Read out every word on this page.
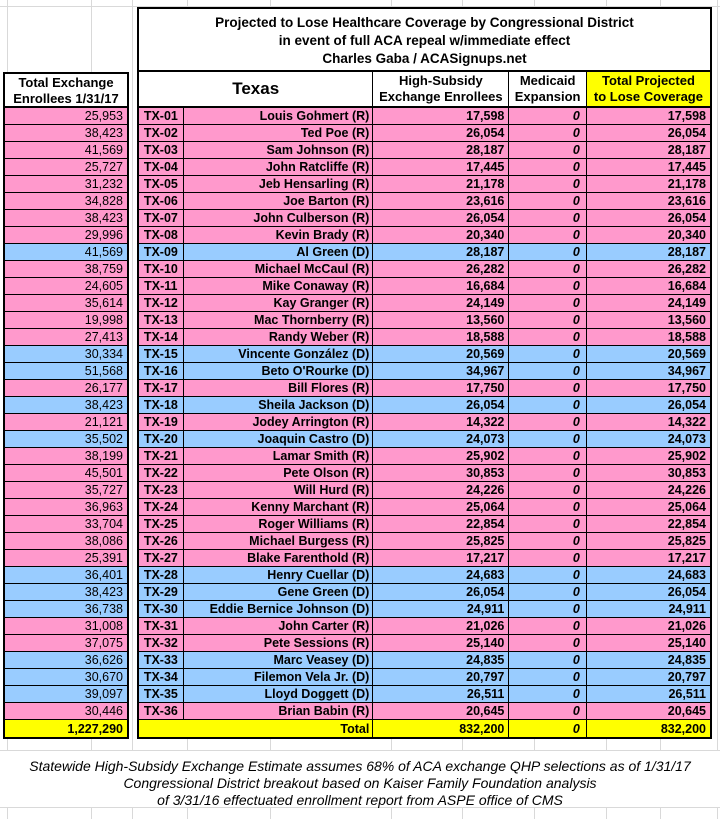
Total Exchange
Enrollees 1/31/17
25,953
38,423
41,569
25,727
31,232
34,828
38,423
29,996
41,569
38,759
24,605
35,614
19,998
27,413
30,334
51,568
26,177
38,423
21,121
35,502
38,199
45,501
35,727
36,963
33,704
38,086
25,391
36,401
38,423
36,738
31,008
37,075
36,626
30,670
39,097
30,446
1,227,290
Projected to Lose Healthcare Coverage by Congressional District
in event of full ACA repeal w/immediate effect
Charles Gaba / ACASignups.net
Texas	High-Subsidy
Exchange Enrollees
Medicaid
Expansion
Total Projected
to Lose Coverage
TX-01	Louis Gohmert (R)	17,598	0	17,598
TX-02	Ted Poe (R)	26,054	0	26,054
TX-03	Sam Johnson (R)	28,187	0	28,187
TX-04	John Ratcliffe (R)	17,445	0	17,445
TX-05	Jeb Hensarling (R)	21,178	0	21,178
TX-06	Joe Barton (R)	23,616	0	23,616
TX-07	John Culberson (R)	26,054	0	26,054
TX-08	Kevin Brady (R)	20,340	0	20,340
TX-09	Al Green (D)	28,187	0	28,187
TX-10	Michael McCaul (R)	26,282	0	26,282
TX-11	Mike Conaway (R)	16,684	0	16,684
TX-12	Kay Granger (R)	24,149	0	24,149
TX-13	Mac Thornberry (R)	13,560	0	13,560
TX-14	Randy Weber (R)	18,588	0	18,588
TX-15	Vincente González (D)	20,569	0	20,569
TX-16	Beto O'Rourke (D)	34,967	0	34,967
TX-17	Bill Flores (R)	17,750	0	17,750
TX-18	Sheila Jackson (D)	26,054	0	26,054
TX-19	Jodey Arrington (R)	14,322	0	14,322
TX-20	Joaquin Castro (D)	24,073	0	24,073
TX-21	Lamar Smith (R)	25,902	0	25,902
TX-22	Pete Olson (R)	30,853	0	30,853
TX-23	Will Hurd (R)	24,226	0	24,226
TX-24	Kenny Marchant (R)	25,064	0	25,064
TX-25	Roger Williams (R)	22,854	0	22,854
TX-26	Michael Burgess (R)	25,825	0	25,825
TX-27	Blake Farenthold (R)	17,217	0	17,217
TX-28	Henry Cuellar (D)	24,683	0	24,683
TX-29	Gene Green (D)	26,054	0	26,054
TX-30	Eddie Bernice Johnson (D)	24,911	0	24,911
TX-31	John Carter (R)	21,026	0	21,026
TX-32	Pete Sessions (R)	25,140	0	25,140
TX-33	Marc Veasey (D)	24,835	0	24,835
TX-34	Filemon Vela Jr. (D)	20,797	0	20,797
TX-35	Lloyd Doggett (D)	26,511	0	26,511
TX-36	Brian Babin (R)	20,645	0	20,645
Total	832,200	0	832,200
Statewide High-Subsidy Exchange Estimate assumes 68% of ACA exchange QHP selections as of 1/31/17
Congressional District breakout based on Kaiser Family Foundation analysis
of 3/31/16 effectuated enrollment report from ASPE office of CMS
